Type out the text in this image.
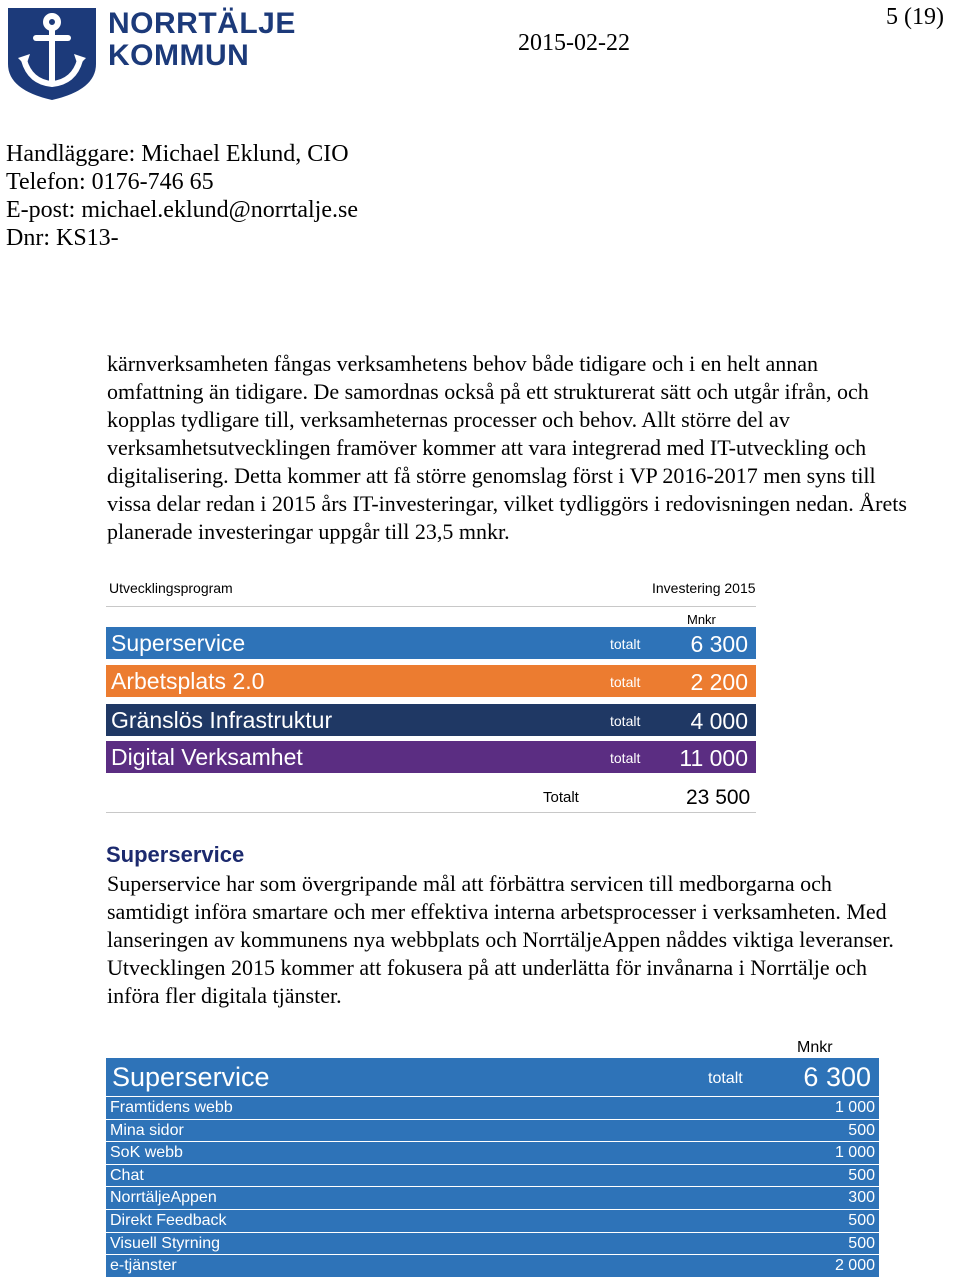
NORRTÄLJE
KOMMUN	2015-02-22
5 (19)
Handläggare: Michael Eklund, CIO
Telefon: 0176-746 65
E-post: michael.eklund@norrtalje.se
Dnr: KS13-

kärnverksamheten fångas verksamhetens behov både tidigare och i en helt annan omfattning än tidigare. De samordnas också på ett strukturerat sätt och utgår ifrån, och kopplas tydligare till, verksamheternas processer och behov. Allt större del av verksamhetsutvecklingen framöver kommer att vara integrerad med IT-utveckling och digitalisering. Detta kommer att få större genomslag först i VP 2016-2017 men syns till vissa delar redan i 2015 års IT-investeringar, vilket tydliggörs i redovisningen nedan. Årets planerade investeringar uppgår till 23,5 mnkr.

Utvecklingsprogram	Investering 2015
Mnkr
Superservice	totalt 6 300
Arbetsplats 2.0	totalt 2 200
Gränslös Infrastruktur	totalt 4 000
Digital Verksamhet	totalt 11 000
Totalt	23 500
Superservice

Superservice har som övergripande mål att förbättra servicen till medborgarna och samtidigt införa smartare och mer effektiva interna arbetsprocesser i verksamheten. Med lanseringen av kommunens nya webbplats och NorrtäljeAppen nåddes viktiga leveranser. Utvecklingen 2015 kommer att fokusera på att underlätta för invånarna i Norrtälje och införa fler digitala tjänster.

Mnkr
Superservice	totalt 6 300
Framtidens webb	1 000
Mina sidor	500
SoK webb	1 000
Chat	500
NorrtäljeAppen	300
Direkt Feedback	500
Visuell Styrning	500
e-tjänster	2 000
